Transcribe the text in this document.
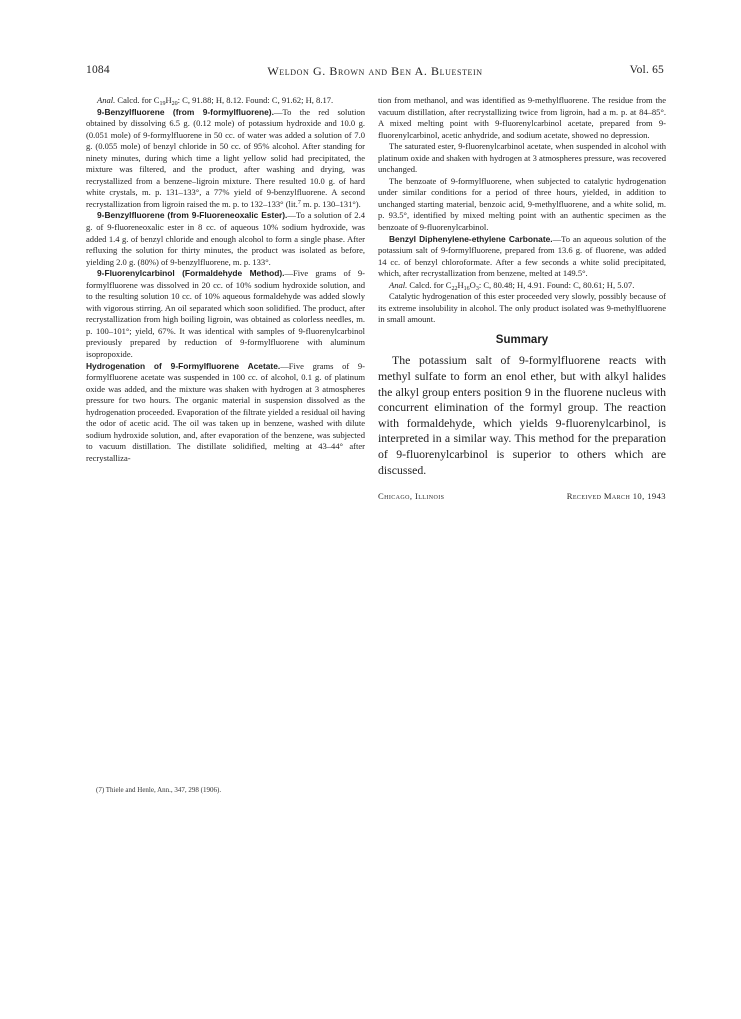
1084	Weldon G. Brown and Ben A. Bluestein	Vol. 65

Anal. Calcd. for $C_{19}H_{20}$: C, 91.88; H, 8.12. Found: C, 91.62; H, 8.17.

9-Benzylfluorene (from 9-formylfluorene).—To the red solution obtained by dissolving 6.5 g. (0.12 mole) of potassium hydroxide and 10.0 g. (0.051 mole) of 9-formylfluorene in 50 cc. of water was added a solution of 7.0 g. (0.055 mole) of benzyl chloride in 50 cc. of 95% alcohol. After standing for ninety minutes, during which time a light yellow solid had precipitated, the mixture was filtered, and the product, after washing and drying, was recrystallized from a benzene–ligroin mixture. There resulted 10.0 g. of hard white crystals, m. p. 131–133°, a 77% yield of 9-benzylfluorene. A second recrystallization from ligroin raised the m. p. to 132–133° (lit.$^7$ m. p. 130–131°).

9-Benzylfluorene (from 9-Fluoreneoxalic Ester).—To a solution of 2.4 g. of 9-fluoreneoxalic ester in 8 cc. of aqueous 10% sodium hydroxide, was added 1.4 g. of benzyl chloride and enough alcohol to form a single phase. After refluxing the solution for thirty minutes, the product was isolated as before, yielding 2.0 g. (80%) of 9-benzylfluorene, m. p. 133°.

9-Fluorenylcarbinol (Formaldehyde Method).—Five grams of 9-formylfluorene was dissolved in 20 cc. of 10% sodium hydroxide solution, and to the resulting solution 10 cc. of 10% aqueous formaldehyde was added slowly with vigorous stirring. An oil separated which soon solidified. The product, after recrystallization from high boiling ligroin, was obtained as colorless needles, m. p. 100–101°; yield, 67%. It was identical with samples of 9-fluorenylcarbinol previously prepared by reduction of 9-formylfluorene with aluminum isopropoxide.

Hydrogenation of 9-Formylfluorene Acetate.—Five grams of 9-formylfluorene acetate was suspended in 100 cc. of alcohol, 0.1 g. of platinum oxide was added, and the mixture was shaken with hydrogen at 3 atmospheres pressure for two hours. The organic material in suspension dissolved as the hydrogenation proceeded. Evaporation of the filtrate yielded a residual oil having the odor of acetic acid. The oil was taken up in benzene, washed with dilute sodium hydroxide solution, and, after evaporation of the benzene, was subjected to vacuum distillation. The distillate solidified, melting at 43–44° after recrystalliza-

(7) Thiele and Henle, Ann., 347, 298 (1906).

tion from methanol, and was identified as 9-methylfluorene. The residue from the vacuum distillation, after recrystallizing twice from ligroin, had a m. p. at 84–85°. A mixed melting point with 9-fluorenylcarbinol acetate, prepared from 9-fluorenylcarbinol, acetic anhydride, and sodium acetate, showed no depression.

The saturated ester, 9-fluorenylcarbinol acetate, when suspended in alcohol with platinum oxide and shaken with hydrogen at 3 atmospheres pressure, was recovered unchanged.

The benzoate of 9-formylfluorene, when subjected to catalytic hydrogenation under similar conditions for a period of three hours, yielded, in addition to unchanged starting material, benzoic acid, 9-methylfluorene, and a white solid, m. p. 93.5°, identified by mixed melting point with an authentic specimen as the benzoate of 9-fluorenylcarbinol.

Benzyl Diphenylene-ethylene Carbonate.—To an aqueous solution of the potassium salt of 9-formylfluorene, prepared from 13.6 g. of fluorene, was added 14 cc. of benzyl chloroformate. After a few seconds a white solid precipitated, which, after recrystallization from benzene, melted at 149.5°.

Anal. Calcd. for $C_{22}H_{16}O_3$: C, 80.48; H, 4.91. Found: C, 80.61; H, 5.07.

Catalytic hydrogenation of this ester proceeded very slowly, possibly because of its extreme insolubility in alcohol. The only product isolated was 9-methylfluorene in small amount.

Summary

The potassium salt of 9-formylfluorene reacts with methyl sulfate to form an enol ether, but with alkyl halides the alkyl group enters position 9 in the fluorene nucleus with concurrent elimination of the formyl group. The reaction with formaldehyde, which yields 9-fluorenylcarbinol, is interpreted in a similar way. This method for the preparation of 9-fluorenylcarbinol is superior to others which are discussed.

Chicago, Illinois	Received March 10, 1943
